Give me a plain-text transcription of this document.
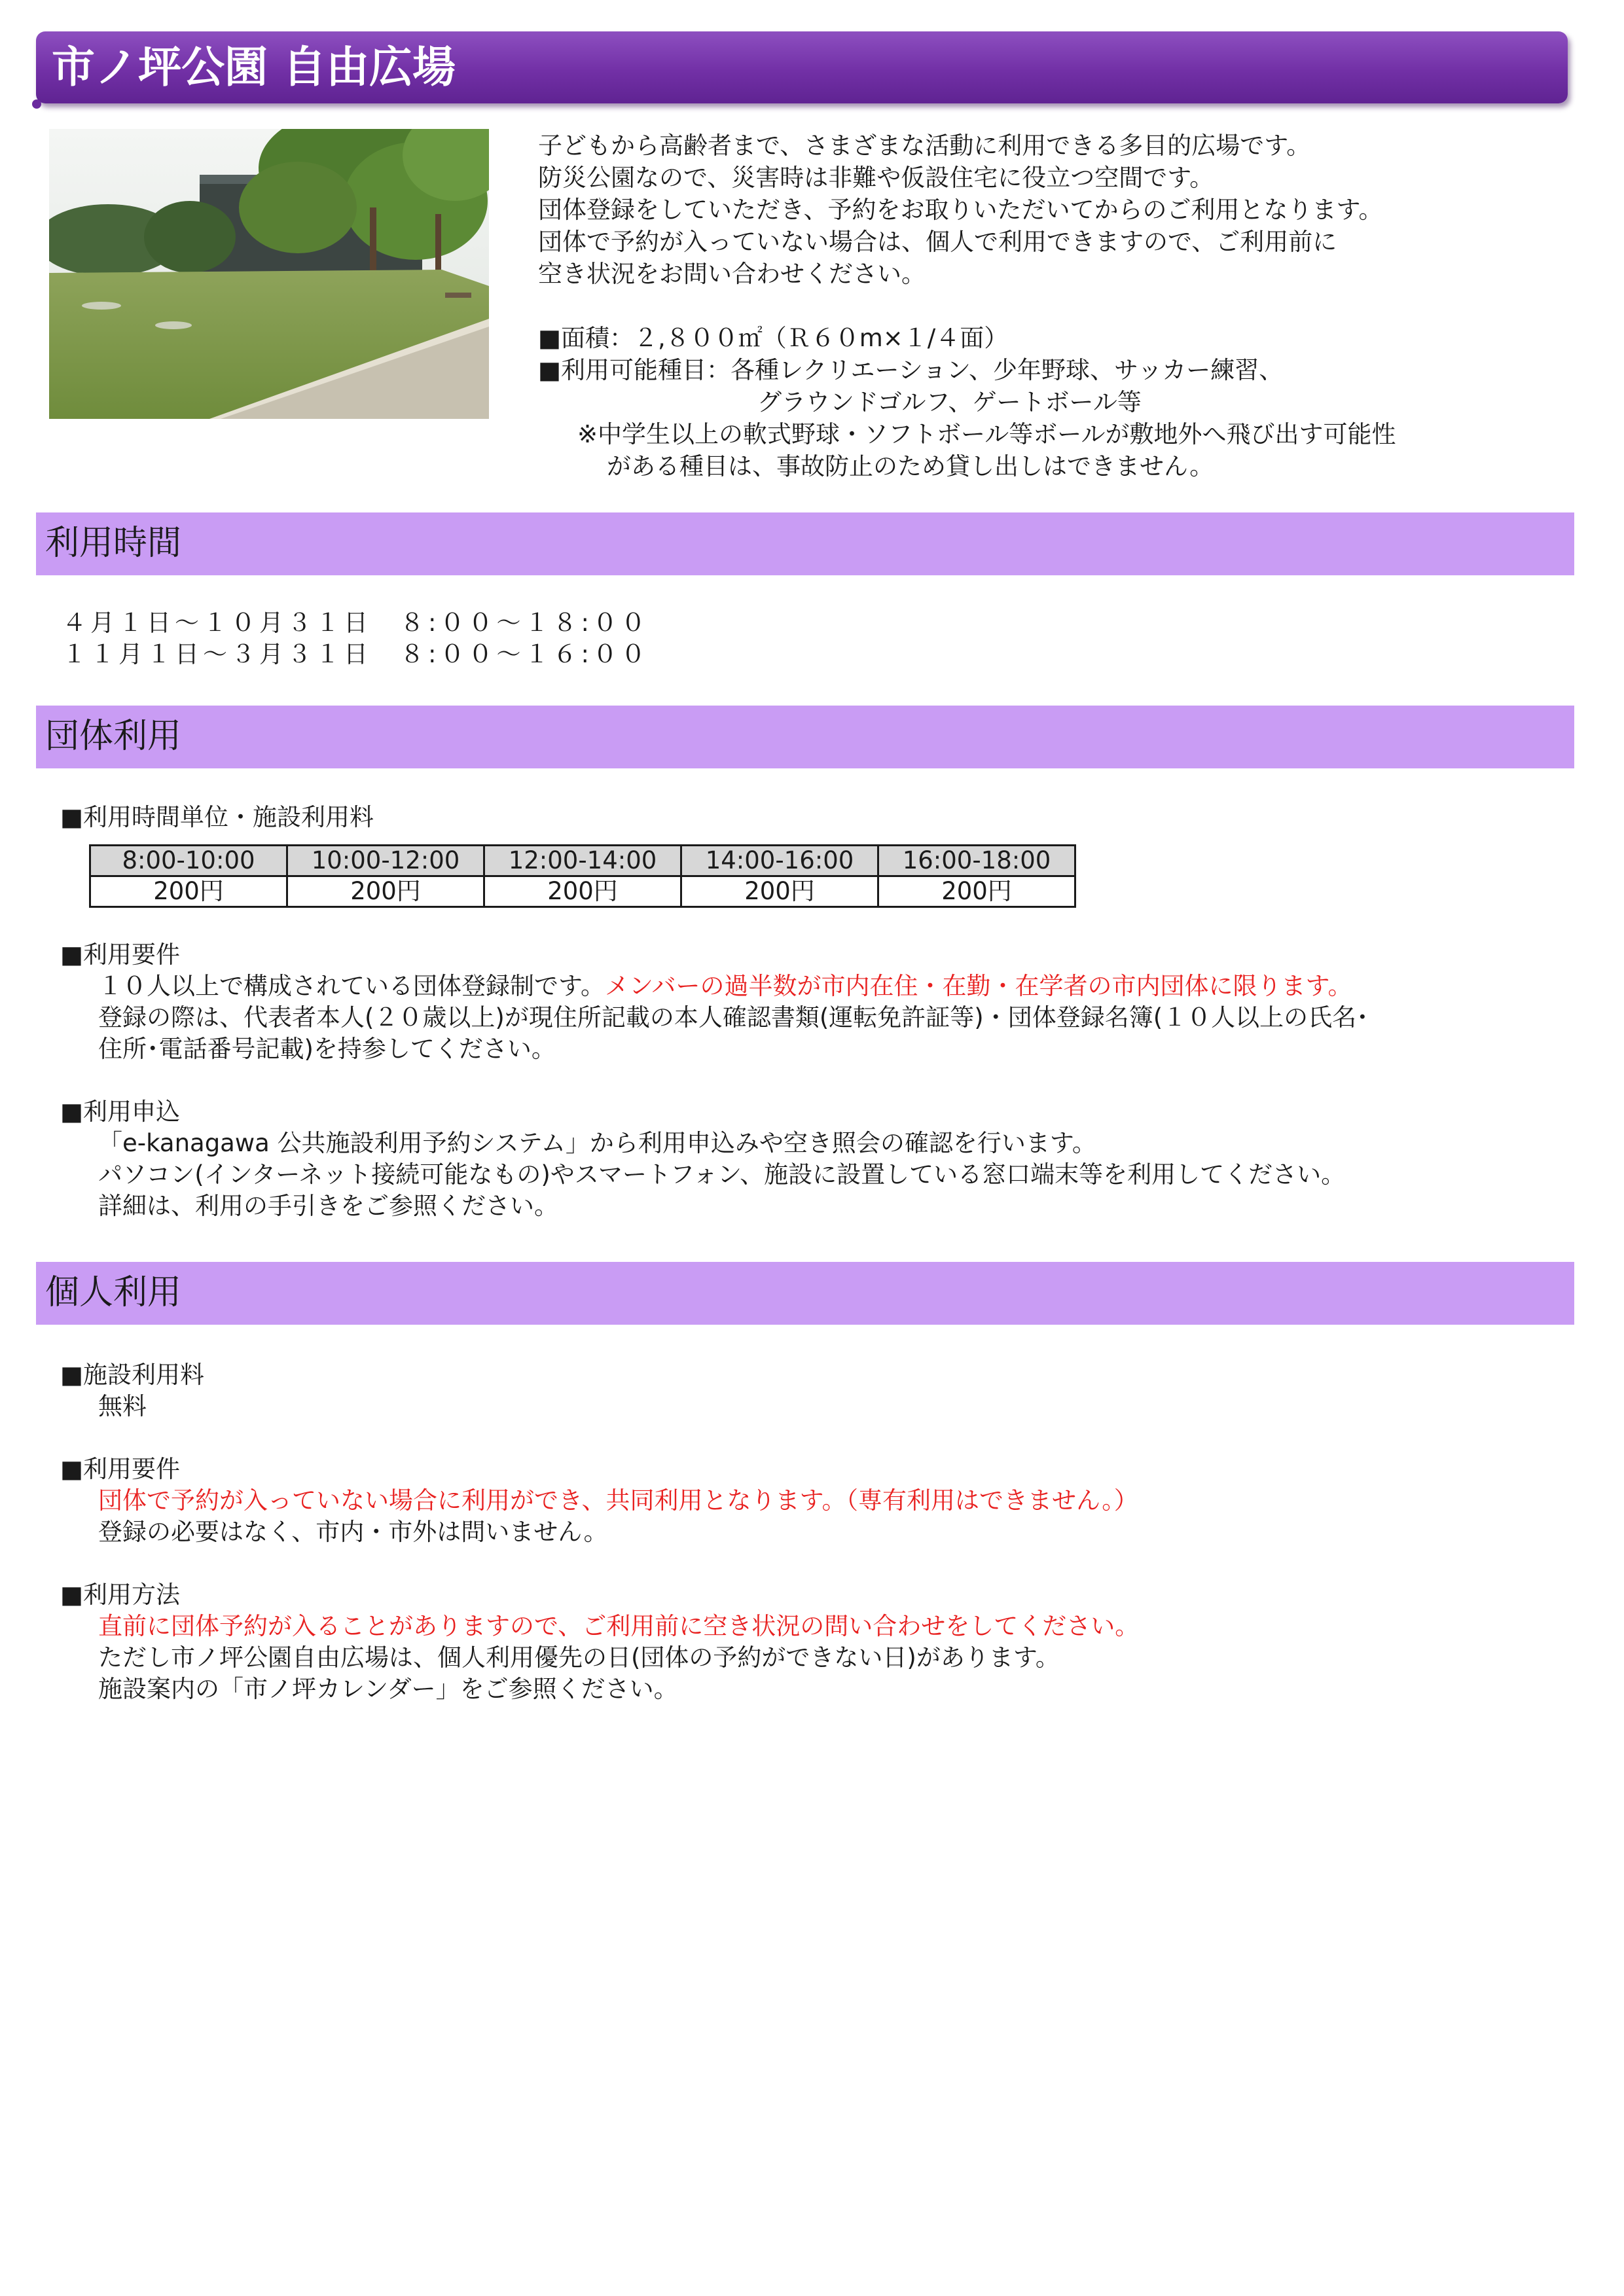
市ノ坪公園 自由広場
子どもから高齢者まで、さまざまな活動に利用できる多目的広場です。
防災公園なので、災害時は非難や仮設住宅に役立つ空間です。
団体登録をしていただき、予約をお取りいただいてからのご利用となります。
団体で予約が入っていない場合は、個人で利用できますので、ご利用前に
空き状況をお問い合わせください。
■面積：２,８００㎡（Ｒ６０m×１/４面）
■利用可能種目：各種レクリエーション、少年野球、サッカー練習、
グラウンドゴルフ、ゲートボール等
※中学生以上の軟式野球・ソフトボール等ボールが敷地外へ飛び出す可能性
がある種目は、事故防止のため貸し出しはできません。
利用時間
４月１日～１０月３１日　８:００～１８:００
１１月１日～３月３１日　８:００～１６:００
団体利用
■利用時間単位・施設利用料
8:00-10:00	10:00-12:00	12:00-14:00	14:00-16:00	16:00-18:00
200円	200円	200円	200円	200円
■利用要件
１０人以上で構成されている団体登録制です。メンバーの過半数が市内在住・在勤・在学者の市内団体に限ります。
登録の際は、代表者本人(２０歳以上)が現住所記載の本人確認書類(運転免許証等)・団体登録名簿(１０人以上の氏名･
住所･電話番号記載)を持参してください。
■利用申込
「e-kanagawa 公共施設利用予約システム」から利用申込みや空き照会の確認を行います。
パソコン(インターネット接続可能なもの)やスマートフォン、施設に設置している窓口端末等を利用してください。
詳細は、利用の手引きをご参照ください。
個人利用
■施設利用料
無料
■利用要件
団体で予約が入っていない場合に利用ができ、共同利用となります。（専有利用はできません。）
登録の必要はなく、市内・市外は問いません。
■利用方法
直前に団体予約が入ることがありますので、ご利用前に空き状況の問い合わせをしてください。
ただし市ノ坪公園自由広場は、個人利用優先の日(団体の予約ができない日)があります。
施設案内の「市ノ坪カレンダー」をご参照ください。
